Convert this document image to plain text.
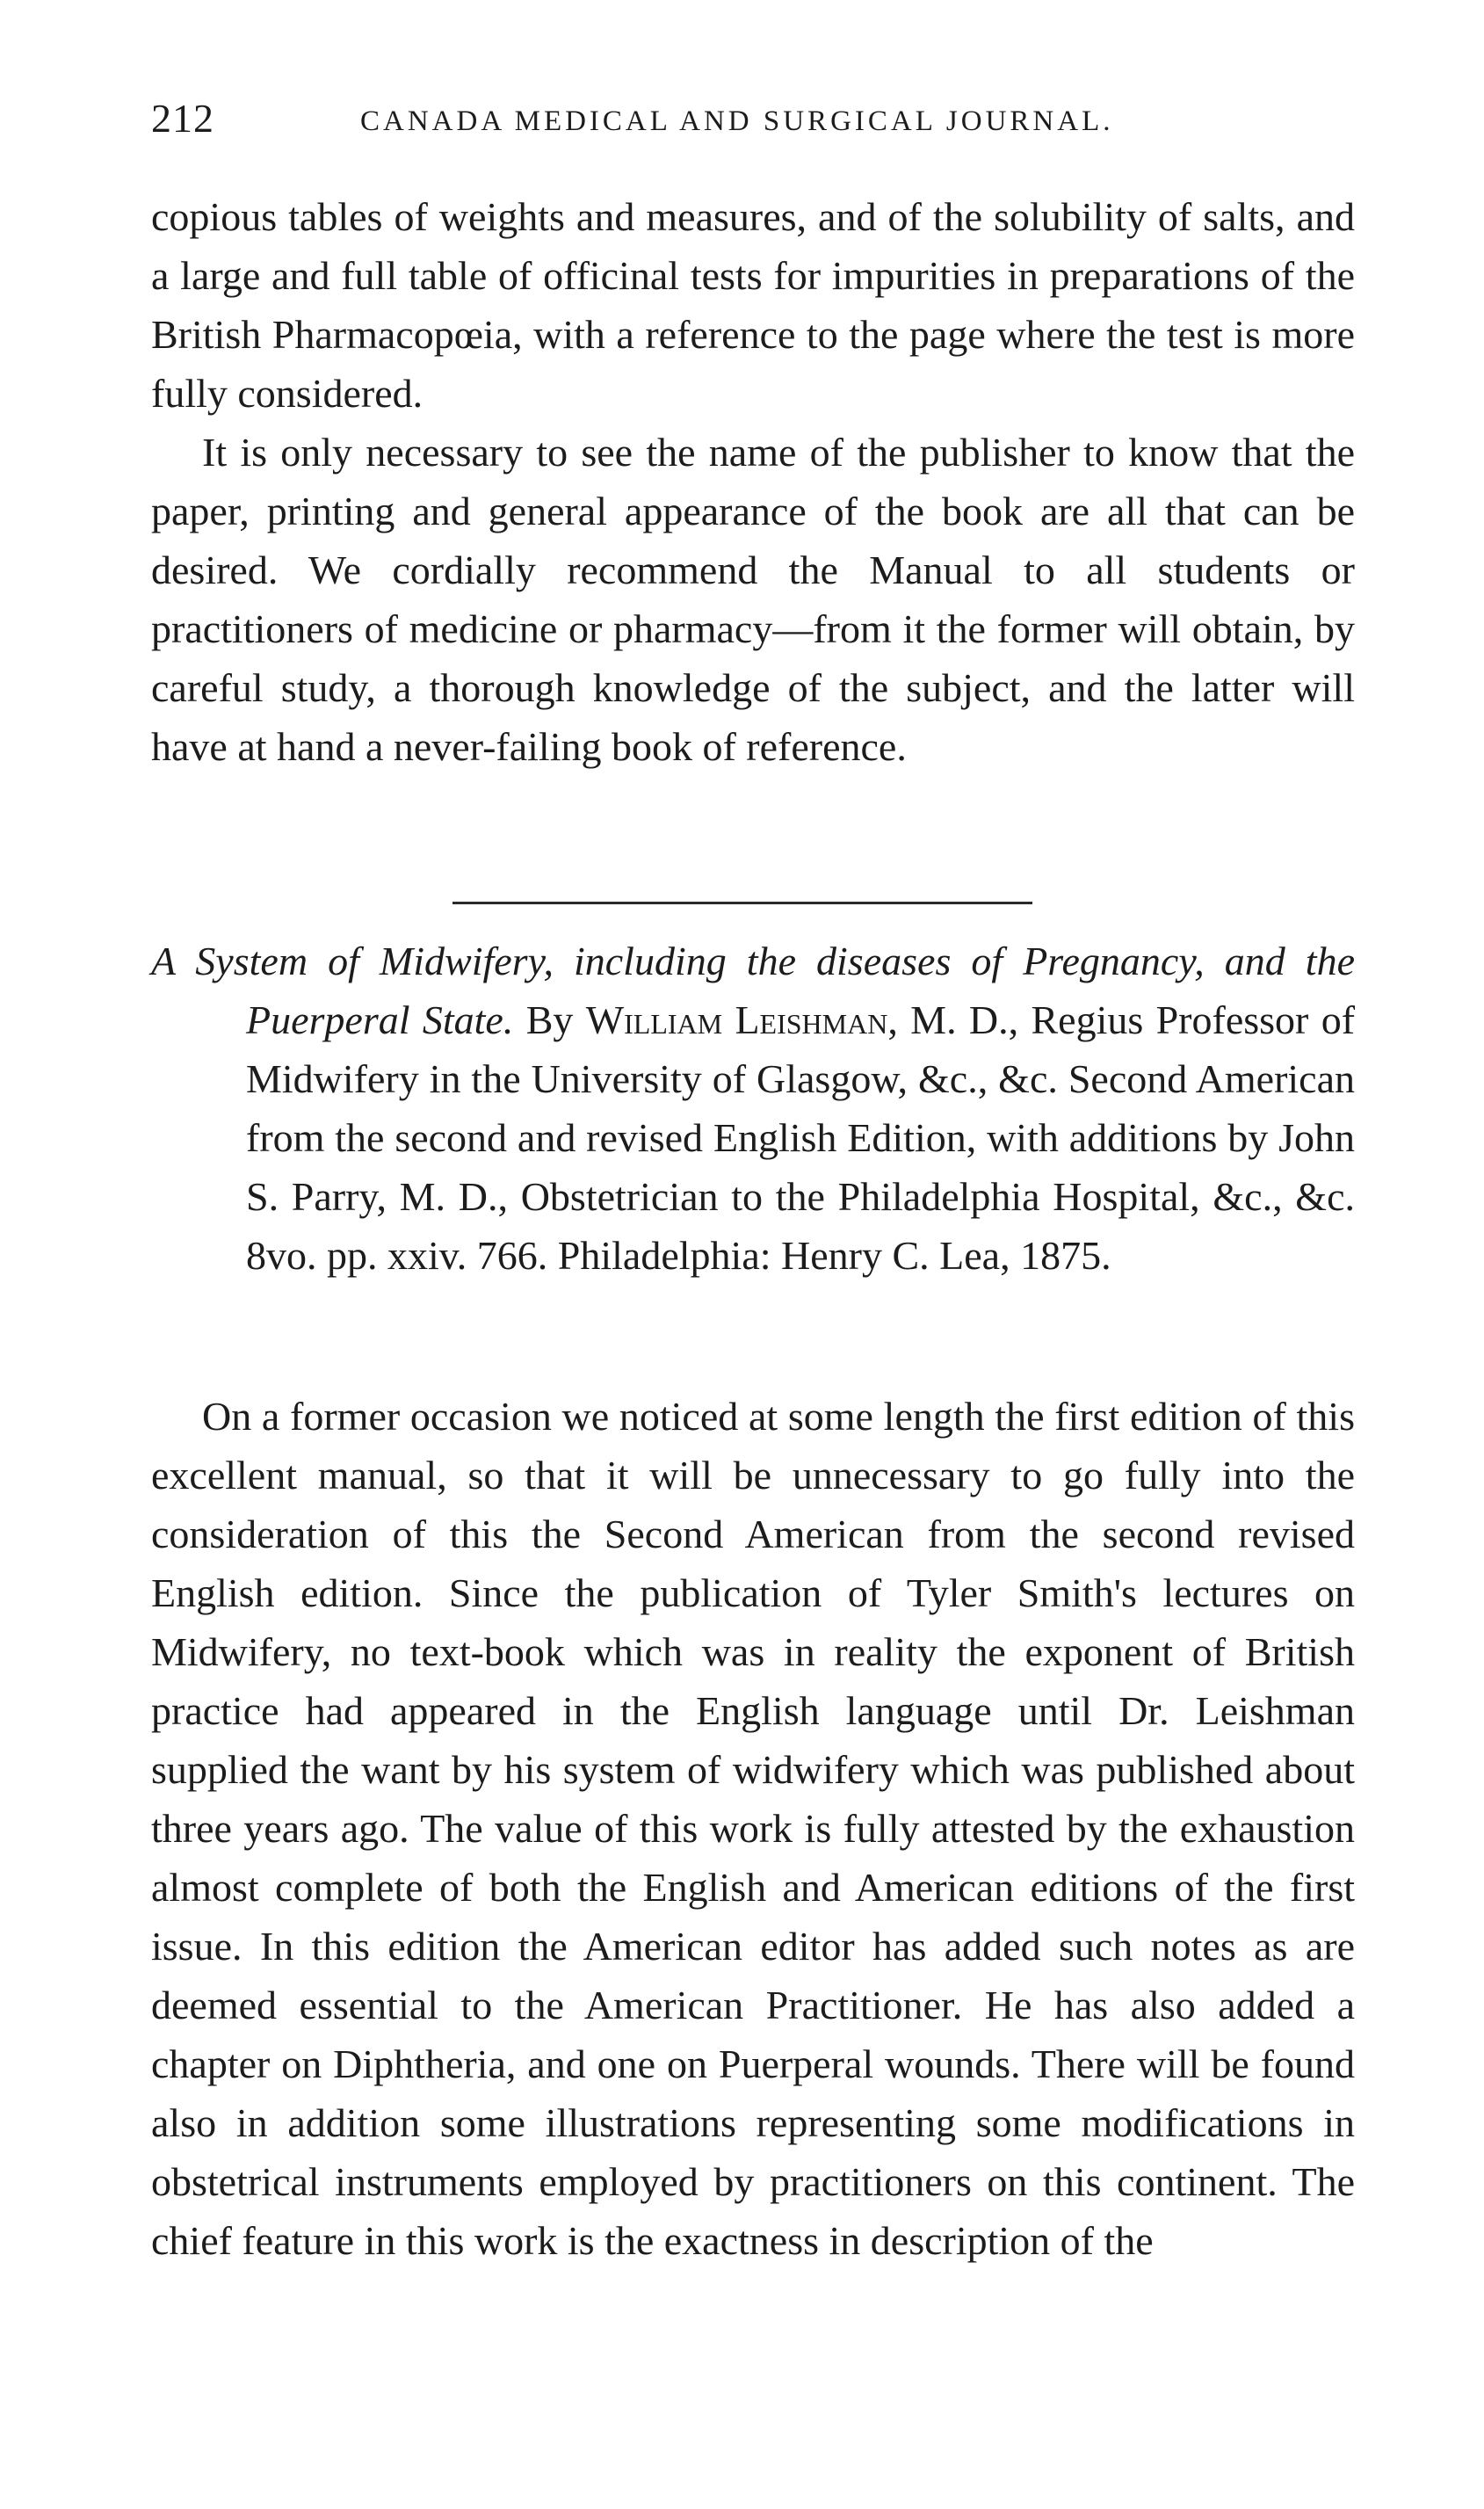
212	CANADA MEDICAL AND SURGICAL JOURNAL.

copious tables of weights and measures, and of the solubility of salts, and a large and full table of officinal tests for impurities in preparations of the British Pharmacopœia, with a reference to the page where the test is more fully considered.

It is only necessary to see the name of the publisher to know that the paper, printing and general appearance of the book are all that can be desired. We cordially recommend the Manual to all students or practitioners of medicine or pharmacy—from it the former will obtain, by careful study, a thorough knowledge of the subject, and the latter will have at hand a never-failing book of reference.

A System of Midwifery, including the diseases of Pregnancy, and the Puerperal State. By William Leishman, M. D., Regius Professor of Midwifery in the University of Glasgow, &c., &c. Second American from the second and revised English Edition, with additions by John S. Parry, M. D., Obstetrician to the Philadelphia Hospital, &c., &c. 8vo. pp. xxiv. 766. Philadelphia: Henry C. Lea, 1875.

On a former occasion we noticed at some length the first edition of this excellent manual, so that it will be unnecessary to go fully into the consideration of this the Second American from the second revised English edition. Since the publication of Tyler Smith's lectures on Midwifery, no text-book which was in reality the exponent of British practice had appeared in the English language until Dr. Leishman supplied the want by his system of widwifery which was published about three years ago. The value of this work is fully attested by the exhaustion almost complete of both the English and American editions of the first issue. In this edition the American editor has added such notes as are deemed essential to the American Practitioner. He has also added a chapter on Diphtheria, and one on Puerperal wounds. There will be found also in addition some illustrations representing some modifications in obstetrical instruments employed by practitioners on this continent. The chief feature in this work is the exactness in description of the
